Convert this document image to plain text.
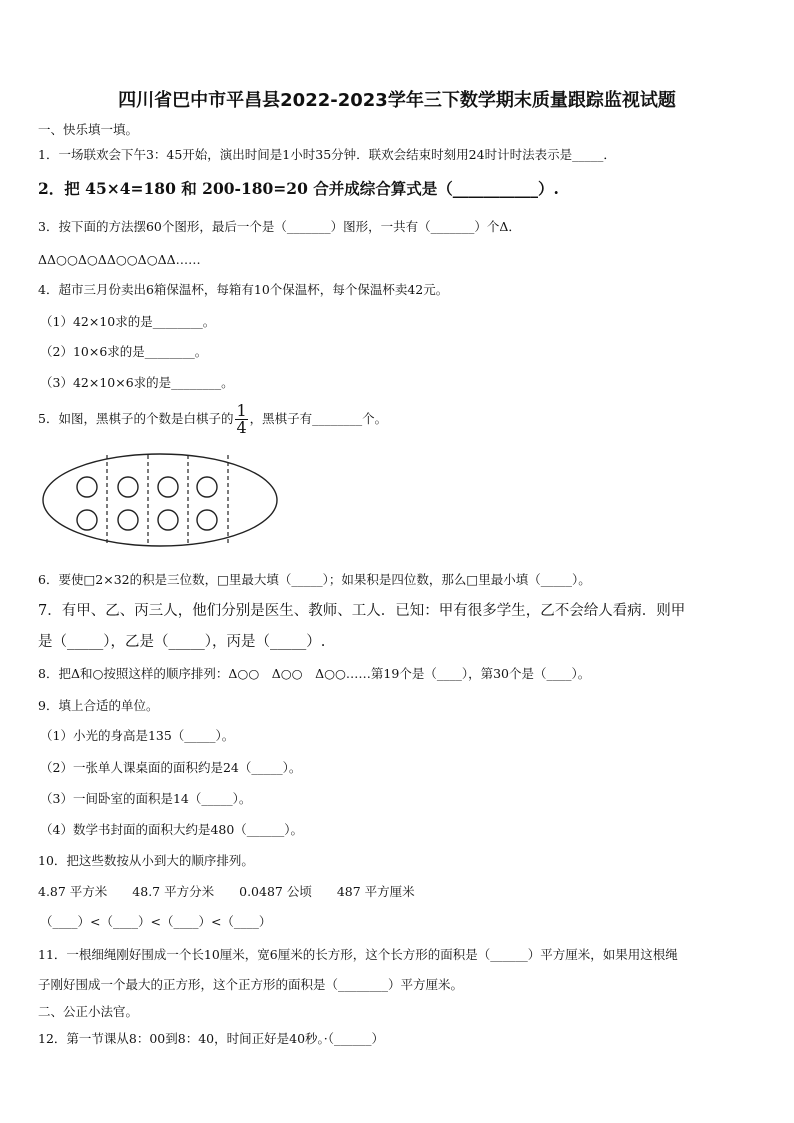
四川省巴中市平昌县2022-2023学年三下数学期末质量跟踪监视试题
一、快乐填一填。
1．一场联欢会下午3：45开始，演出时间是1小时35分钟．联欢会结束时刻用24时计时法表示是_____．
2．把 45×4=180 和 200-180=20 合并成综合算式是（___________）.
3．按下面的方法摆60个图形，最后一个是（_______）图形，一共有（_______）个Δ．
ΔΔ○○Δ○ΔΔ○○Δ○ΔΔ……
4．超市三月份卖出6箱保温杯，每箱有10个保温杯，每个保温杯卖42元。
（1）42×10求的是________。
（2）10×6求的是________。
（3）42×10×6求的是________。
5．如图，黑棋子的个数是白棋子的 $\frac{1}{4}$ ，黑棋子有________个。
6．要使□2×32的积是三位数，□里最大填（_____）；如果积是四位数，那么□里最小填（_____）。
7．有甲、乙、丙三人，他们分别是医生、教师、工人．已知：甲有很多学生，乙不会给人看病．则甲
是（_____），乙是（_____），丙是（_____）.
8．把Δ和○按照这样的顺序排列：Δ○○　Δ○○　Δ○○……第19个是（____），第30个是（____）。
9．填上合适的单位。
（1）小光的身高是135（_____）。
（2）一张单人课桌面的面积约是24（_____）。
（3）一间卧室的面积是14（_____）。
（4）数学书封面的面积大约是480（______）。
10．把这些数按从小到大的顺序排列。
4.87 平方米　　48.7 平方分米　　0.0487 公顷　　487 平方厘米
（____）<（____）<（____）<（____）
11．一根细绳刚好围成一个长10厘米，宽6厘米的长方形，这个长方形的面积是（______）平方厘米，如果用这根绳
子刚好围成一个最大的正方形，这个正方形的面积是（________）平方厘米。
二、公正小法官。
12．第一节课从8：00到8：40，时间正好是40秒。·（______）
